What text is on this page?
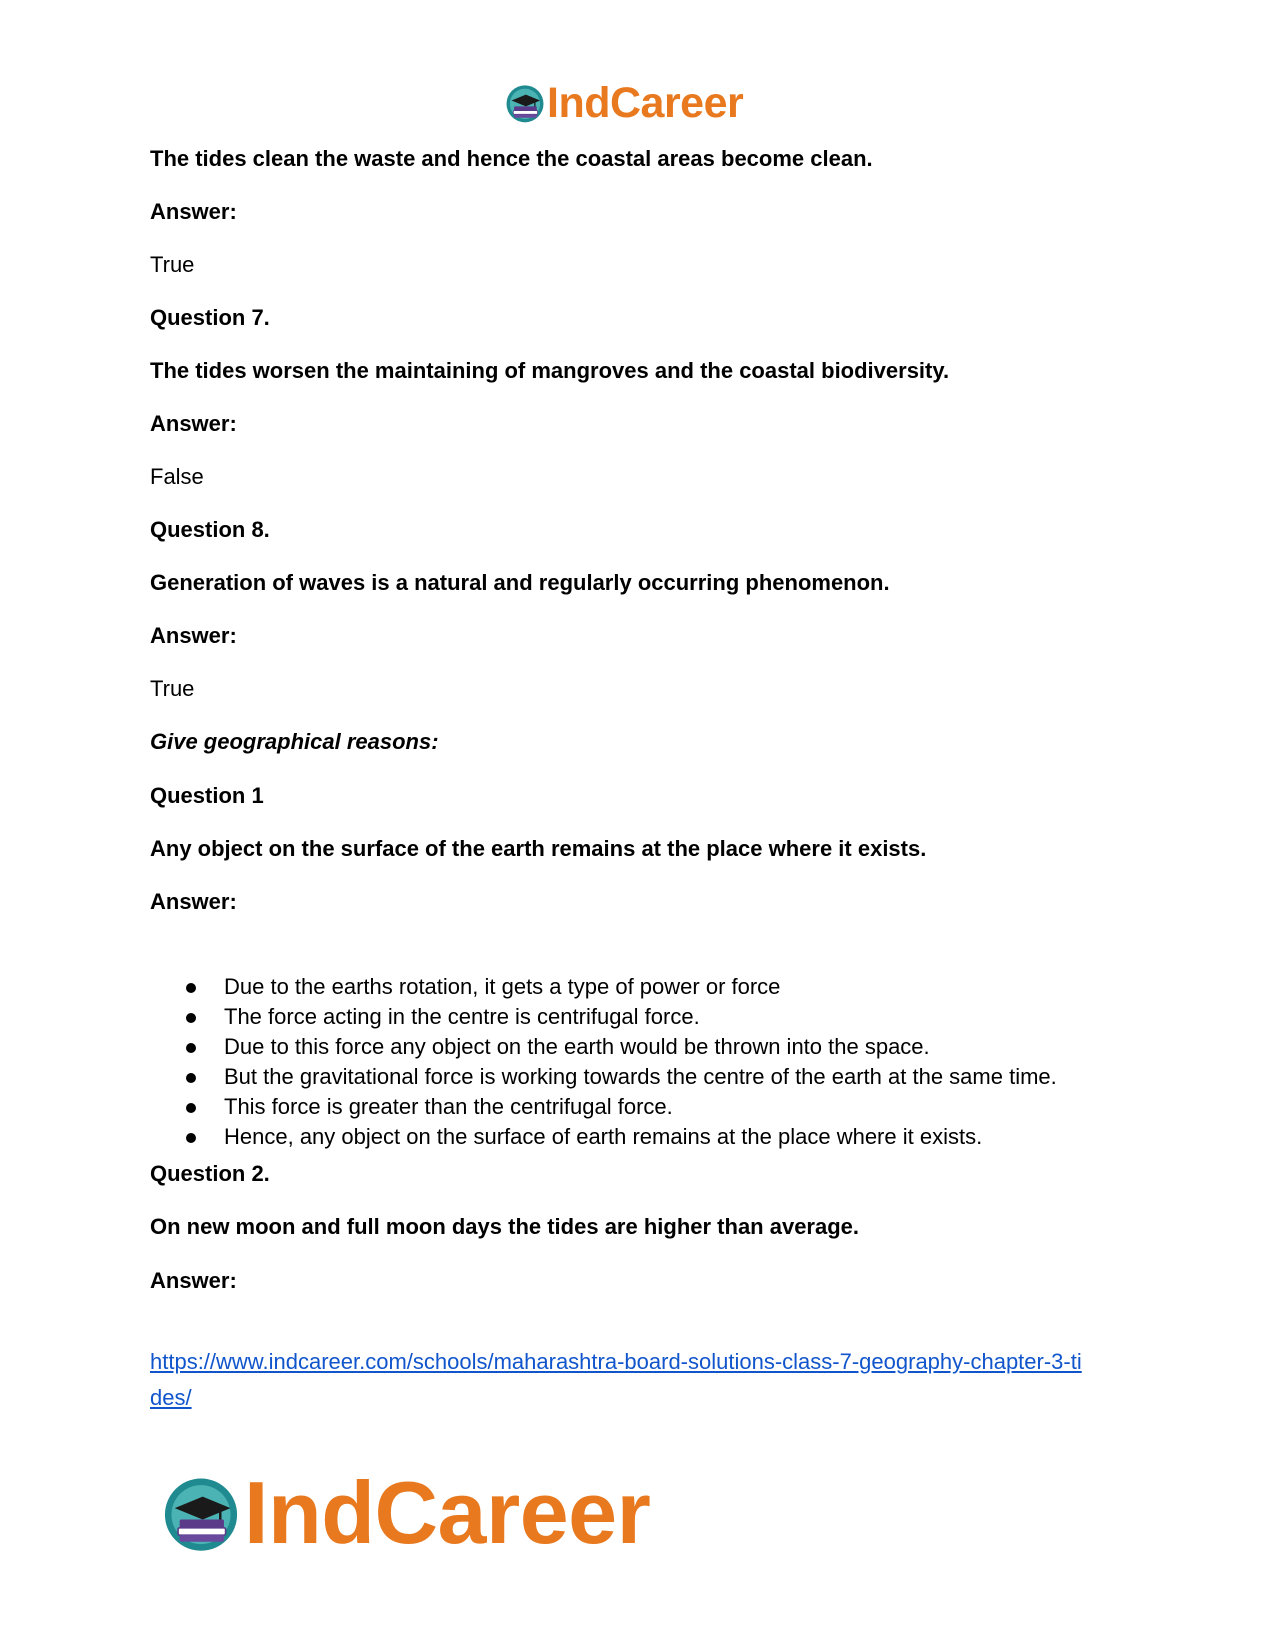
IndCareer
The tides clean the waste and hence the coastal areas become clean.
Answer:
True
Question 7.
The tides worsen the maintaining of mangroves and the coastal biodiversity.
Answer:
False
Question 8.
Generation of waves is a natural and regularly occurring phenomenon.
Answer:
True
Give geographical reasons:
Question 1
Any object on the surface of the earth remains at the place where it exists.
Answer:
Due to the earths rotation, it gets a type of power or force
The force acting in the centre is centrifugal force.
Due to this force any object on the earth would be thrown into the space.
But the gravitational force is working towards the centre of the earth at the same time.
This force is greater than the centrifugal force.
Hence, any object on the surface of earth remains at the place where it exists.
Question 2.
On new moon and full moon days the tides are higher than average.
Answer:
https://www.indcareer.com/schools/maharashtra-board-solutions-class-7-geography-chapter-3-ti
des/
IndCareer
